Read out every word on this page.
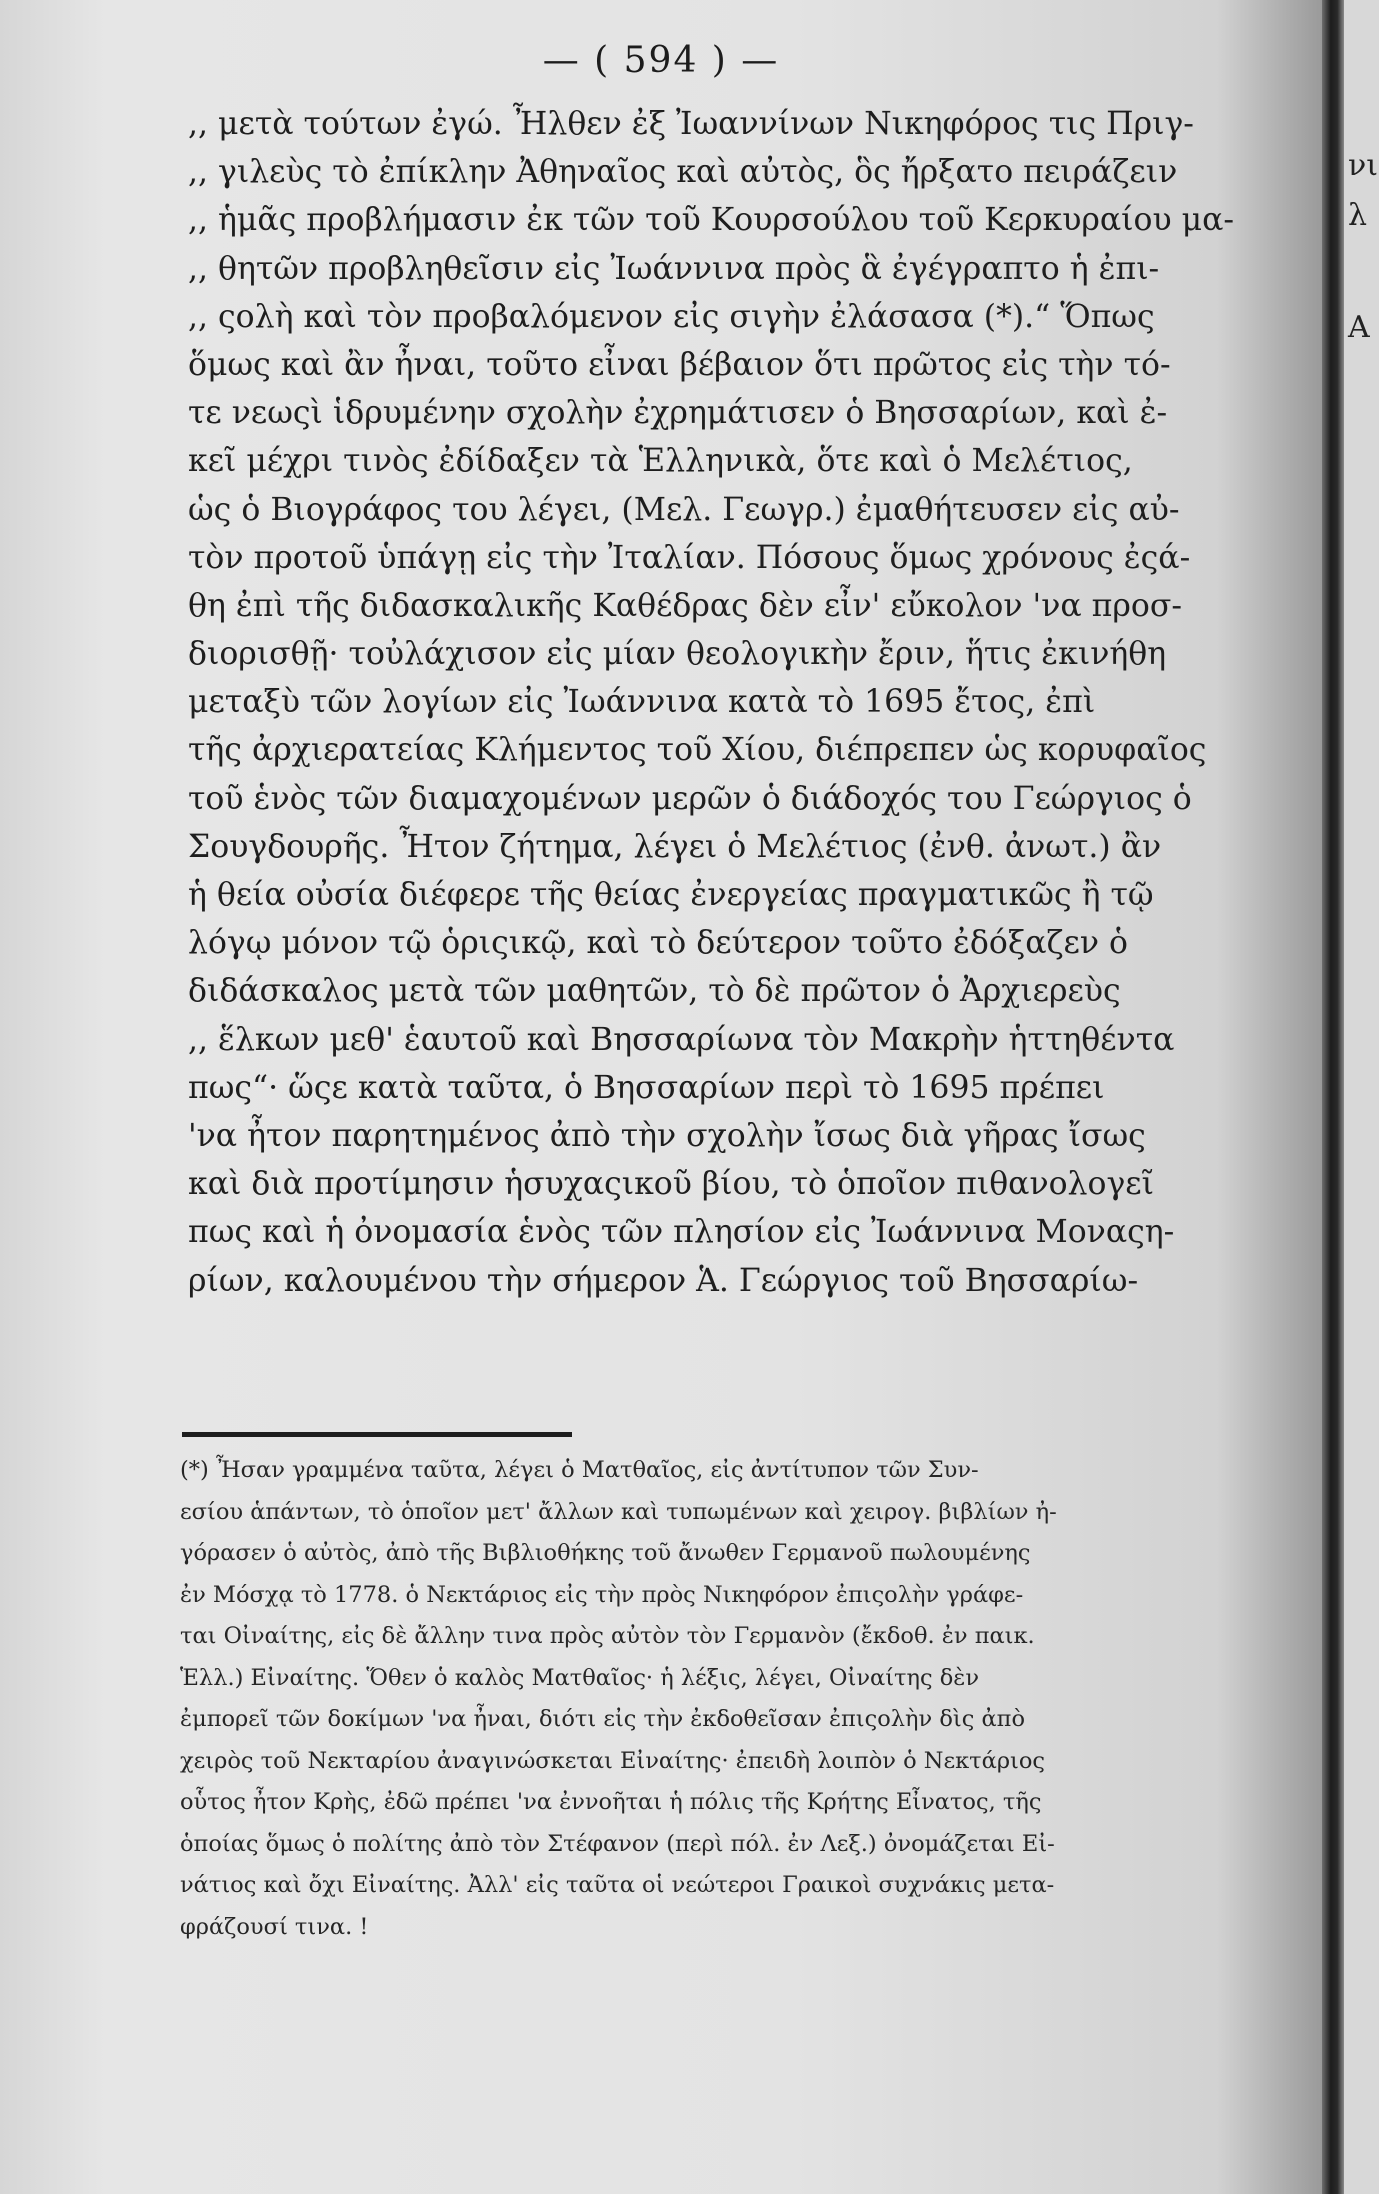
— ( 594 ) —
,, μετὰ τούτων ἐγώ. Ἦλθεν ἐξ Ἰωαννίνων Νικηφόρος τις Πριγ-
,, γιλεὺς τὸ ἐπίκλην Ἀθηναῖος καὶ αὐτὸς, ὃς ἤρξατο πειράζειν
,, ἡμᾶς προβλήμασιν ἐκ τῶν τοῦ Κουρσούλου τοῦ Κερκυραίου μα-
,, θητῶν προβληθεῖσιν εἰς Ἰωάννινα πρὸς ἃ ἐγέγραπτο ἡ ἐπι-
,, ςολὴ καὶ τὸν προβαλόμενον εἰς σιγὴν ἐλάσασα (*).“ Ὅπως
ὅμως καὶ ἂν ἦναι, τοῦτο εἶναι βέβαιον ὅτι πρῶτος εἰς τὴν τό-
τε νεωςὶ ἱδρυμένην σχολὴν ἐχρημάτισεν ὁ Βησσαρίων, καὶ ἐ-
κεῖ μέχρι τινὸς ἐδίδαξεν τὰ Ἑλληνικὰ, ὅτε καὶ ὁ Μελέτιος,
ὡς ὁ Βιογράφος του λέγει, (Μελ. Γεωγρ.) ἐμαθήτευσεν εἰς αὐ-
τὸν προτοῦ ὑπάγῃ εἰς τὴν Ἰταλίαν. Πόσους ὅμως χρόνους ἐςά-
θη ἐπὶ τῆς διδασκαλικῆς Καθέδρας δὲν εἶν' εὔκολον 'να προσ-
διορισθῇ· τοὐλάχισον εἰς μίαν θεολογικὴν ἔριν, ἥτις ἐκινήθη
μεταξὺ τῶν λογίων εἰς Ἰωάννινα κατὰ τὸ 1695 ἔτος, ἐπὶ
τῆς ἀρχιερατείας Κλήμεντος τοῦ Χίου, διέπρεπεν ὡς κορυφαῖος
τοῦ ἑνὸς τῶν διαμαχομένων μερῶν ὁ διάδοχός του Γεώργιος ὁ
Σουγδουρῆς. Ἦτον ζήτημα, λέγει ὁ Μελέτιος (ἐνθ. ἀνωτ.) ἂν
ἡ θεία οὐσία διέφερε τῆς θείας ἐνεργείας πραγματικῶς ἢ τῷ
λόγῳ μόνον τῷ ὁριςικῷ, καὶ τὸ δεύτερον τοῦτο ἐδόξαζεν ὁ
διδάσκαλος μετὰ τῶν μαθητῶν, τὸ δὲ πρῶτον ὁ Ἀρχιερεὺς
,, ἕλκων μεθ' ἑαυτοῦ καὶ Βησσαρίωνα τὸν Μακρὴν ἡττηθέντα
πως“· ὥςε κατὰ ταῦτα, ὁ Βησσαρίων περὶ τὸ 1695 πρέπει
'να ἦτον παρητημένος ἀπὸ τὴν σχολὴν ἴσως διὰ γῆρας ἴσως
καὶ διὰ προτίμησιν ἡσυχαςικοῦ βίου, τὸ ὁποῖον πιθανολογεῖ
πως καὶ ἡ ὀνομασία ἑνὸς τῶν πλησίον εἰς Ἰωάννινα Μοναςη-
ρίων, καλουμένου τὴν σήμερον Ἁ. Γεώργιος τοῦ Βησσαρίω-
(*) Ἦσαν γραμμένα ταῦτα, λέγει ὁ Ματθαῖος, εἰς ἀντίτυπον τῶν Συν-
εσίου ἁπάντων, τὸ ὁποῖον μετ' ἄλλων καὶ τυπωμένων καὶ χειρογ. βιβλίων ἠ-
γόρασεν ὁ αὐτὸς, ἀπὸ τῆς Βιβλιοθήκης τοῦ ἄνωθεν Γερμανοῦ πωλουμένης
ἐν Μόσχᾳ τὸ 1778. ὁ Νεκτάριος εἰς τὴν πρὸς Νικηφόρον ἐπιςολὴν γράφε-
ται Οἰναίτης, εἰς δὲ ἄλλην τινα πρὸς αὐτὸν τὸν Γερμανὸν (ἔκδοθ. ἐν παικ.
Ἑλλ.) Εἰναίτης. Ὅθεν ὁ καλὸς Ματθαῖος· ἡ λέξις, λέγει, Οἰναίτης δὲν
ἐμπορεῖ τῶν δοκίμων 'να ἦναι, διότι εἰς τὴν ἐκδοθεῖσαν ἐπιςολὴν δὶς ἀπὸ
χειρὸς τοῦ Νεκταρίου ἀναγινώσκεται Εἰναίτης· ἐπειδὴ λοιπὸν ὁ Νεκτάριος
οὗτος ἦτον Κρὴς, ἐδῶ πρέπει 'να ἐννοῆται ἡ πόλις τῆς Κρήτης Εἶνατος, τῆς
ὁποίας ὅμως ὁ πολίτης ἀπὸ τὸν Στέφανον (περὶ πόλ. ἐν Λεξ.) ὀνομάζεται Εἰ-
νάτιος καὶ ὄχι Εἰναίτης. Ἀλλ' εἰς ταῦτα οἱ νεώτεροι Γραικοὶ συχνάκις μετα-
φράζουσί τινα. !
νι
λ
Α
